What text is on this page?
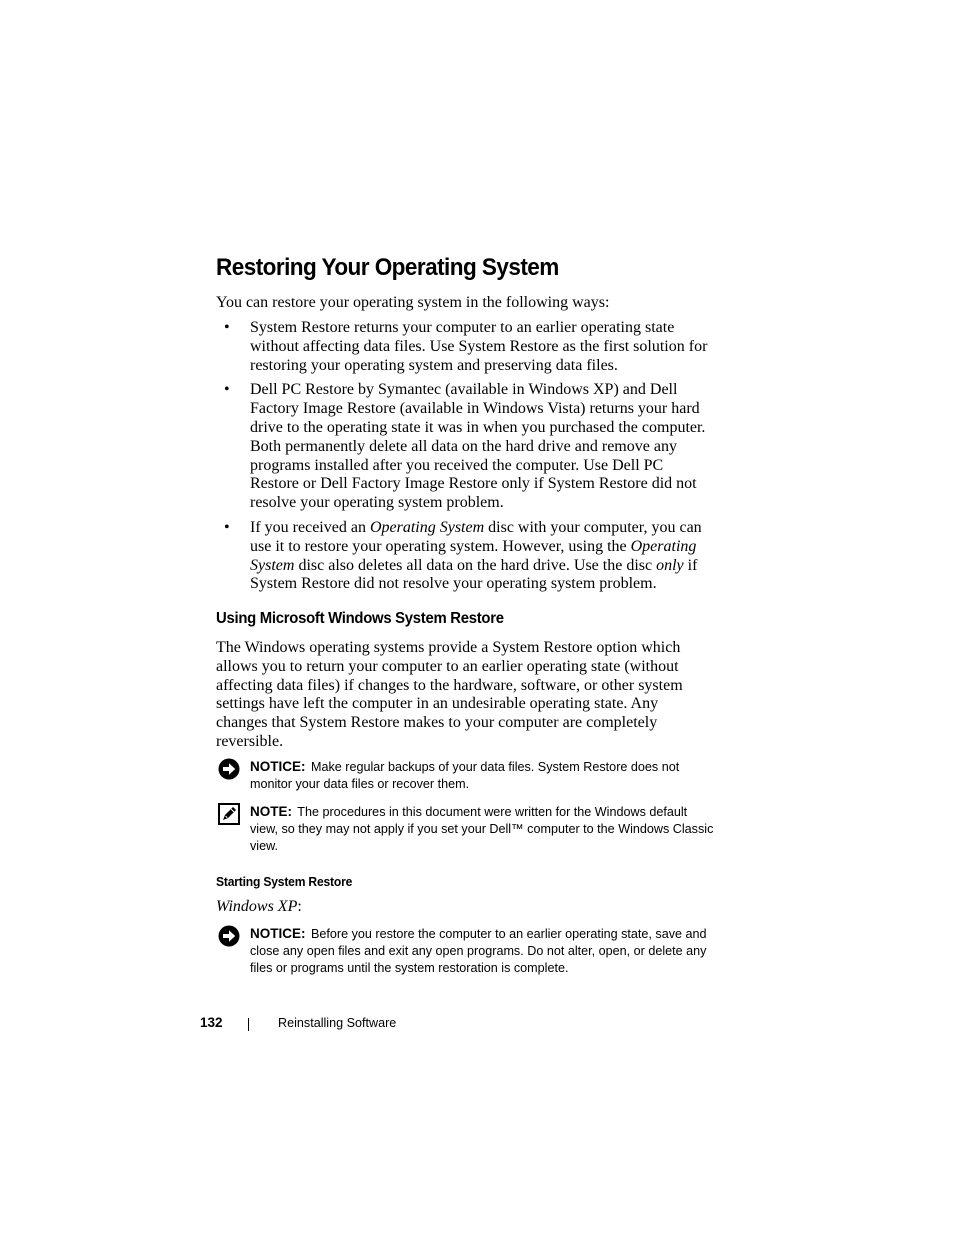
Restoring Your Operating System

You can restore your operating system in the following ways:

• System Restore returns your computer to an earlier operating state without affecting data files. Use System Restore as the first solution for restoring your operating system and preserving data files.
• Dell PC Restore by Symantec (available in Windows XP) and Dell Factory Image Restore (available in Windows Vista) returns your hard drive to the operating state it was in when you purchased the computer. Both permanently delete all data on the hard drive and remove any programs installed after you received the computer. Use Dell PC Restore or Dell Factory Image Restore only if System Restore did not resolve your operating system problem.
• If you received an Operating System disc with your computer, you can use it to restore your operating system. However, using the Operating System disc also deletes all data on the hard drive. Use the disc only if System Restore did not resolve your operating system problem.
Using Microsoft Windows System Restore

The Windows operating systems provide a System Restore option which allows you to return your computer to an earlier operating state (without affecting data files) if changes to the hardware, software, or other system settings have left the computer in an undesirable operating state. Any changes that System Restore makes to your computer are completely reversible.

NOTICE: Make regular backups of your data files. System Restore does not monitor your data files or recover them.
NOTE: The procedures in this document were written for the Windows default view, so they may not apply if you set your Dell™ computer to the Windows Classic view.
Starting System Restore

Windows XP:

NOTICE: Before you restore the computer to an earlier operating state, save and close any open files and exit any open programs. Do not alter, open, or delete any files or programs until the system restoration is complete.
132	Reinstalling Software
